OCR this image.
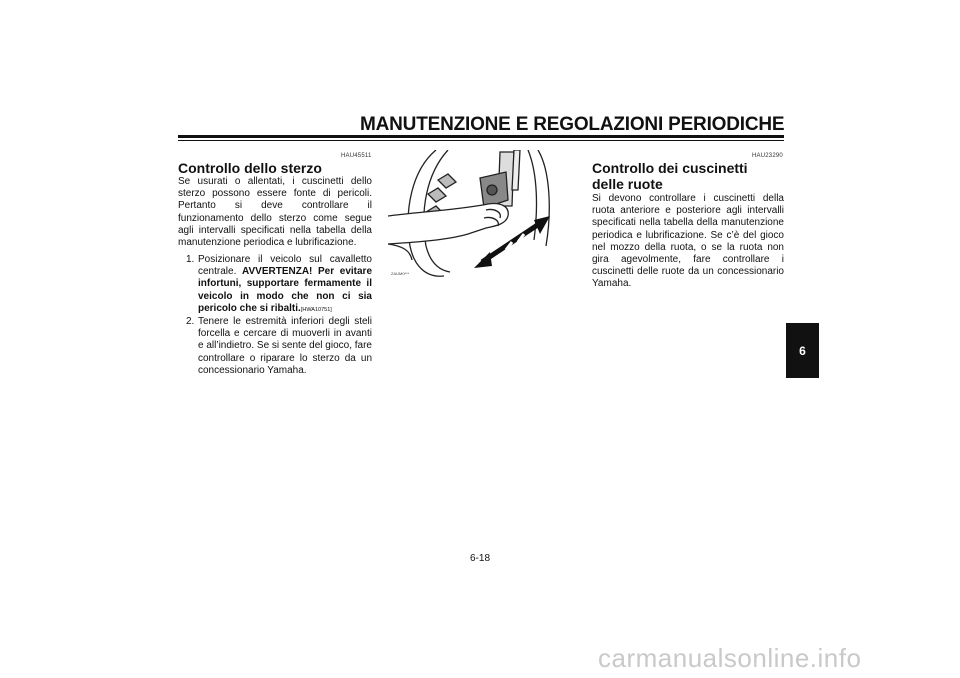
MANUTENZIONE E REGOLAZIONI PERIODICHE
HAU45511
Controllo dello sterzo

Se usurati o allentati, i cuscinetti dello sterzo possono essere fonte di pericoli. Pertanto si deve controllare il funzionamento dello sterzo come segue agli intervalli specificati nella tabella della manutenzione periodica e lubrificazione.

1. Posizionare il veicolo sul cavalletto centrale. AVVERTENZA! Per evitare infortuni, supportare fermamente il veicolo in modo che non ci sia pericolo che si ribalti.[HWA10751]
2. Tenere le estremità inferiori degli steli forcella e cercare di muoverli in avanti e all’indietro. Se si sente del gioco, fare controllare o riparare lo sterzo da un concessionario Yamaha.
ZAUM0***
HAU23290
Controllo dei cuscinetti delle ruote

Si devono controllare i cuscinetti della ruota anteriore e posteriore agli intervalli specificati nella tabella della manutenzione periodica e lubrificazione. Se c’è del gioco nel mozzo della ruota, o se la ruota non gira agevolmente, fare controllare i cuscinetti delle ruote da un concessionario Yamaha.

6
6-18
carmanualsonline.info
